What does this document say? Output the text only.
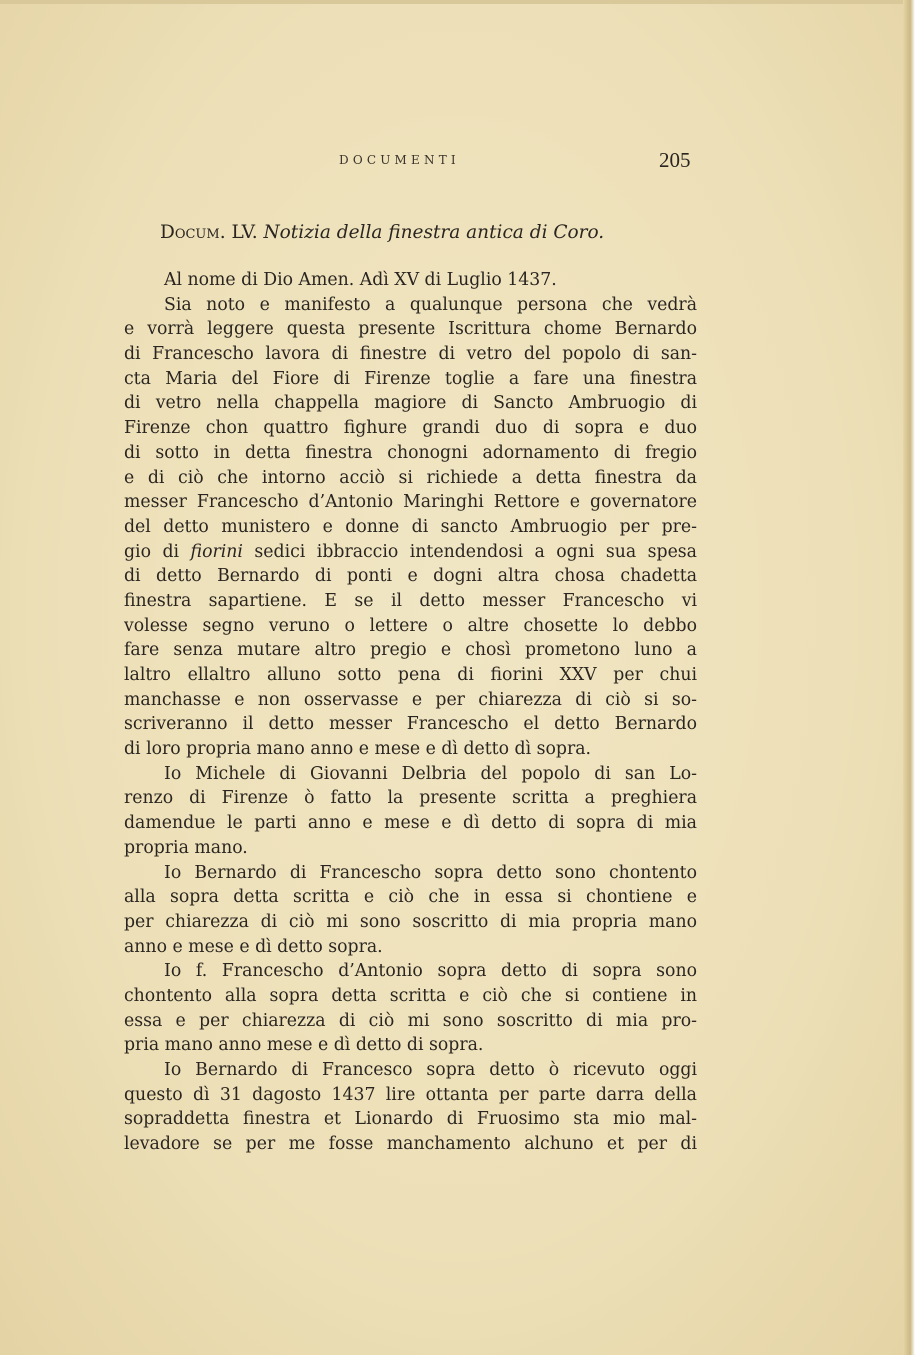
DOCUMENTI	205
Docum. LV. Notizia della finestra antica di Coro.
Al nome di Dio Amen. Adì XV di Luglio 1437.
Sia noto e manifesto a qualunque persona che vedrà
e vorrà leggere questa presente Iscrittura chome Bernardo
di Francescho lavora di finestre di vetro del popolo di san-
cta Maria del Fiore di Firenze toglie a fare una finestra
di vetro nella chappella magiore di Sancto Ambruogio di
Firenze chon quattro fighure grandi duo di sopra e duo
di sotto in detta finestra chonogni adornamento di fregio
e di ciò che intorno acciò si richiede a detta finestra da
messer Francescho d’Antonio Maringhi Rettore e governatore
del detto munistero e donne di sancto Ambruogio per pre-
gio di fiorini sedici ibbraccio intendendosi a ogni sua spesa
di detto Bernardo di ponti e dogni altra chosa chadetta
finestra sapartiene. E se il detto messer Francescho vi
volesse segno veruno o lettere o altre chosette lo debbo
fare senza mutare altro pregio e chosì prometono luno a
laltro ellaltro alluno sotto pena di fiorini XXV per chui
manchasse e non osservasse e per chiarezza di ciò si so-
scriveranno il detto messer Francescho el detto Bernardo
di loro propria mano anno e mese e dì detto dì sopra.
Io Michele di Giovanni Delbria del popolo di san Lo-
renzo di Firenze ò fatto la presente scritta a preghiera
damendue le parti anno e mese e dì detto di sopra di mia
propria mano.
Io Bernardo di Francescho sopra detto sono chontento
alla sopra detta scritta e ciò che in essa si chontiene e
per chiarezza di ciò mi sono soscritto di mia propria mano
anno e mese e dì detto sopra.
Io f. Francescho d’Antonio sopra detto di sopra sono
chontento alla sopra detta scritta e ciò che si contiene in
essa e per chiarezza di ciò mi sono soscritto di mia pro-
pria mano anno mese e dì detto di sopra.
Io Bernardo di Francesco sopra detto ò ricevuto oggi
questo dì 31 dagosto 1437 lire ottanta per parte darra della
sopraddetta finestra et Lionardo di Fruosimo sta mio mal-
levadore se per me fosse manchamento alchuno et per di
